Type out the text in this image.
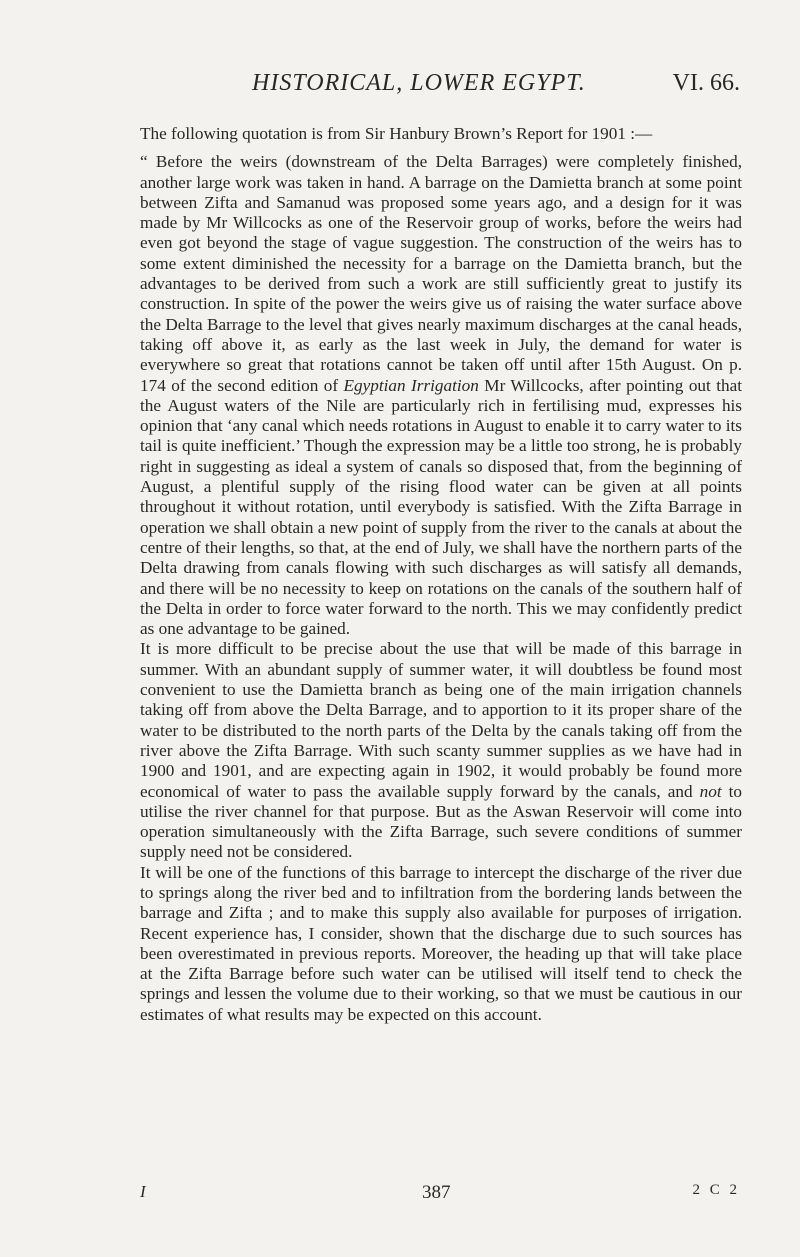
HISTORICAL, LOWER EGYPT.	VI. 66.

The following quotation is from Sir Hanbury Brown’s Report for 1901 :—

“ Before the weirs (downstream of the Delta Barrages) were completely finished, another large work was taken in hand. A barrage on the Damietta branch at some point between Zifta and Samanud was proposed some years ago, and a design for it was made by Mr Willcocks as one of the Reservoir group of works, before the weirs had even got beyond the stage of vague suggestion. The construction of the weirs has to some extent diminished the necessity for a barrage on the Damietta branch, but the advantages to be derived from such a work are still sufficiently great to justify its construction. In spite of the power the weirs give us of raising the water surface above the Delta Barrage to the level that gives nearly maximum discharges at the canal heads, taking off above it, as early as the last week in July, the demand for water is everywhere so great that rotations cannot be taken off until after 15th August. On p. 174 of the second edition of Egyptian Irrigation Mr Willcocks, after pointing out that the August waters of the Nile are particularly rich in fertilising mud, expresses his opinion that ‘any canal which needs rotations in August to enable it to carry water to its tail is quite inefficient.’ Though the expression may be a little too strong, he is probably right in suggesting as ideal a system of canals so disposed that, from the beginning of August, a plentiful supply of the rising flood water can be given at all points throughout it without rotation, until everybody is satisfied. With the Zifta Barrage in operation we shall obtain a new point of supply from the river to the canals at about the centre of their lengths, so that, at the end of July, we shall have the northern parts of the Delta drawing from canals flowing with such discharges as will satisfy all demands, and there will be no necessity to keep on rotations on the canals of the southern half of the Delta in order to force water forward to the north. This we may confidently predict as one advantage to be gained.

It is more difficult to be precise about the use that will be made of this barrage in summer. With an abundant supply of summer water, it will doubtless be found most convenient to use the Damietta branch as being one of the main irrigation channels taking off from above the Delta Barrage, and to apportion to it its proper share of the water to be distributed to the north parts of the Delta by the canals taking off from the river above the Zifta Barrage. With such scanty summer supplies as we have had in 1900 and 1901, and are expecting again in 1902, it would probably be found more economical of water to pass the available supply forward by the canals, and not to utilise the river channel for that purpose. But as the Aswan Reservoir will come into operation simultaneously with the Zifta Barrage, such severe conditions of summer supply need not be considered.

It will be one of the functions of this barrage to intercept the discharge of the river due to springs along the river bed and to infiltration from the bordering lands between the barrage and Zifta ; and to make this supply also available for purposes of irrigation. Recent experience has, I consider, shown that the discharge due to such sources has been overestimated in previous reports. Moreover, the heading up that will take place at the Zifta Barrage before such water can be utilised will itself tend to check the springs and lessen the volume due to their working, so that we must be cautious in our estimates of what results may be expected on this account.

I	387	2 C 2
